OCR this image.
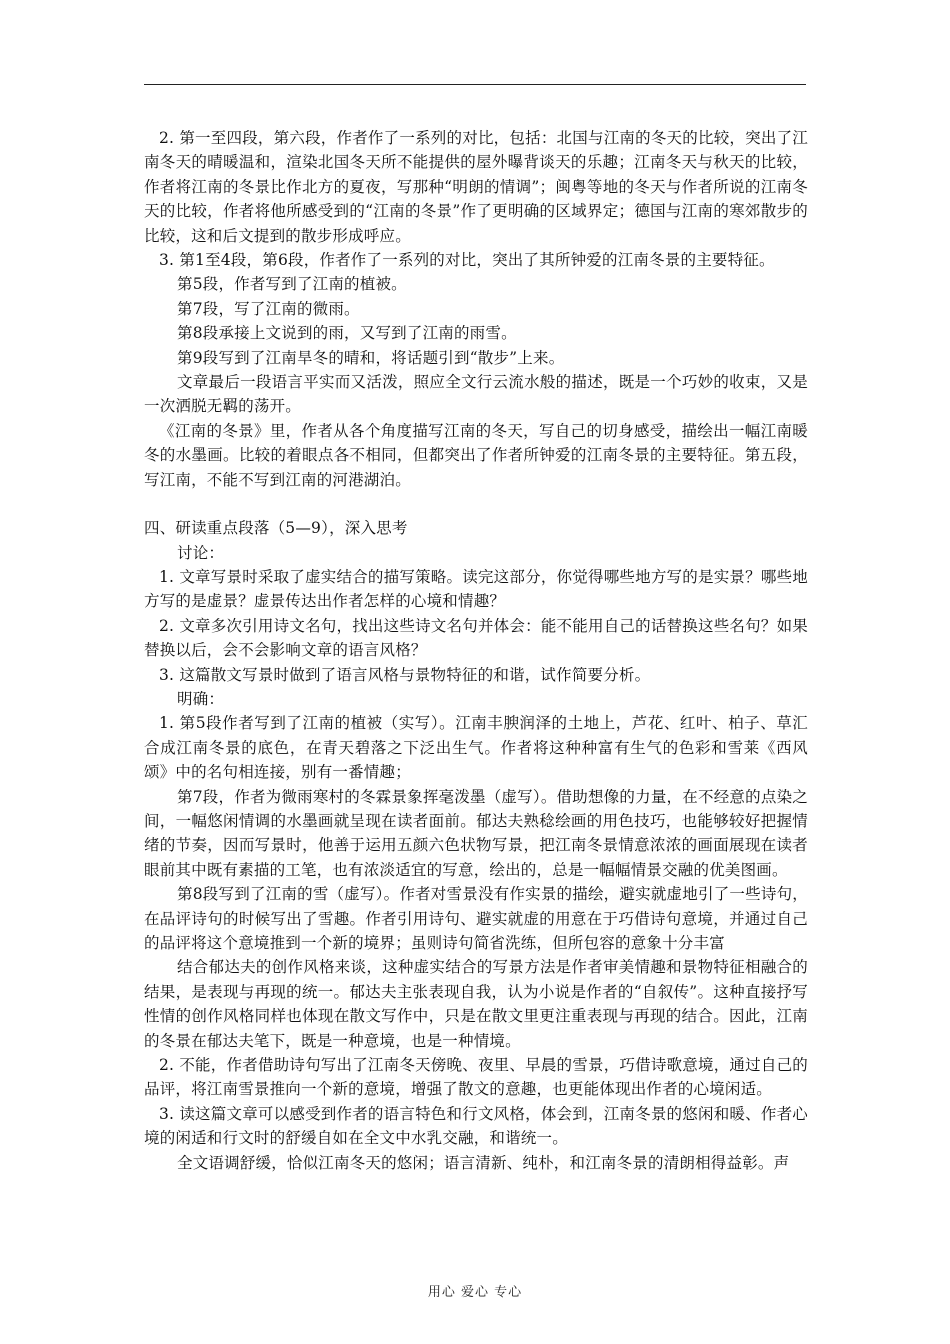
2. 第一至四段，第六段，作者作了一系列的对比，包括：北国与江南的冬天的比较，突出了江南冬天的晴暖温和，渲染北国冬天所不能提供的屋外曝背谈天的乐趣；江南冬天与秋天的比较，作者将江南的冬景比作北方的夏夜，写那种“明朗的情调”；闽粤等地的冬天与作者所说的江南冬天的比较，作者将他所感受到的“江南的冬景”作了更明确的区域界定；德国与江南的寒郊散步的比较，这和后文提到的散步形成呼应。

3. 第1至4段，第6段，作者作了一系列的对比，突出了其所钟爱的江南冬景的主要特征。

第5段，作者写到了江南的植被。

第7段，写了江南的微雨。

第8段承接上文说到的雨，又写到了江南的雨雪。

第9段写到了江南旱冬的晴和，将话题引到“散步”上来。

文章最后一段语言平实而又活泼，照应全文行云流水般的描述，既是一个巧妙的收束，又是一次洒脱无羁的荡开。

《江南的冬景》里，作者从各个角度描写江南的冬天，写自己的切身感受，描绘出一幅江南暖冬的水墨画。比较的着眼点各不相同，但都突出了作者所钟爱的江南冬景的主要特征。第五段，写江南，不能不写到江南的河港湖泊。

四、研读重点段落（5—9），深入思考

讨论：

1. 文章写景时采取了虚实结合的描写策略。读完这部分，你觉得哪些地方写的是实景？哪些地方写的是虚景？虚景传达出作者怎样的心境和情趣？

2. 文章多次引用诗文名句，找出这些诗文名句并体会：能不能用自己的话替换这些名句？如果替换以后，会不会影响文章的语言风格？

3. 这篇散文写景时做到了语言风格与景物特征的和谐，试作简要分析。

明确：

1. 第5段作者写到了江南的植被（实写）。江南丰腴润泽的土地上，芦花、红叶、柏子、草汇合成江南冬景的底色，在青天碧落之下泛出生气。作者将这种种富有生气的色彩和雪莱《西风颂》中的名句相连接，别有一番情趣；

第7段，作者为微雨寒村的冬霖景象挥毫泼墨（虚写）。借助想像的力量，在不经意的点染之间，一幅悠闲情调的水墨画就呈现在读者面前。郁达夫熟稔绘画的用色技巧，也能够较好把握情绪的节奏，因而写景时，他善于运用五颜六色状物写景，把江南冬景情意浓浓的画面展现在读者眼前其中既有素描的工笔，也有浓淡适宜的写意，绘出的，总是一幅幅情景交融的优美图画。

第8段写到了江南的雪（虚写）。作者对雪景没有作实景的描绘，避实就虚地引了一些诗句，在品评诗句的时候写出了雪趣。作者引用诗句、避实就虚的用意在于巧借诗句意境，并通过自己的品评将这个意境推到一个新的境界；虽则诗句简省洗练，但所包容的意象十分丰富

结合郁达夫的创作风格来谈，这种虚实结合的写景方法是作者审美情趣和景物特征相融合的结果，是表现与再现的统一。郁达夫主张表现自我，认为小说是作者的“自叙传”。这种直接抒写性情的创作风格同样也体现在散文写作中，只是在散文里更注重表现与再现的结合。因此，江南的冬景在郁达夫笔下，既是一种意境，也是一种情境。

2. 不能，作者借助诗句写出了江南冬天傍晚、夜里、早晨的雪景，巧借诗歌意境，通过自己的品评，将江南雪景推向一个新的意境，增强了散文的意趣，也更能体现出作者的心境闲适。

3. 读这篇文章可以感受到作者的语言特色和行文风格，体会到，江南冬景的悠闲和暖、作者心境的闲适和行文时的舒缓自如在全文中水乳交融，和谐统一。

全文语调舒缓，恰似江南冬天的悠闲；语言清新、纯朴，和江南冬景的清朗相得益彰。声

用心 爱心 专心
